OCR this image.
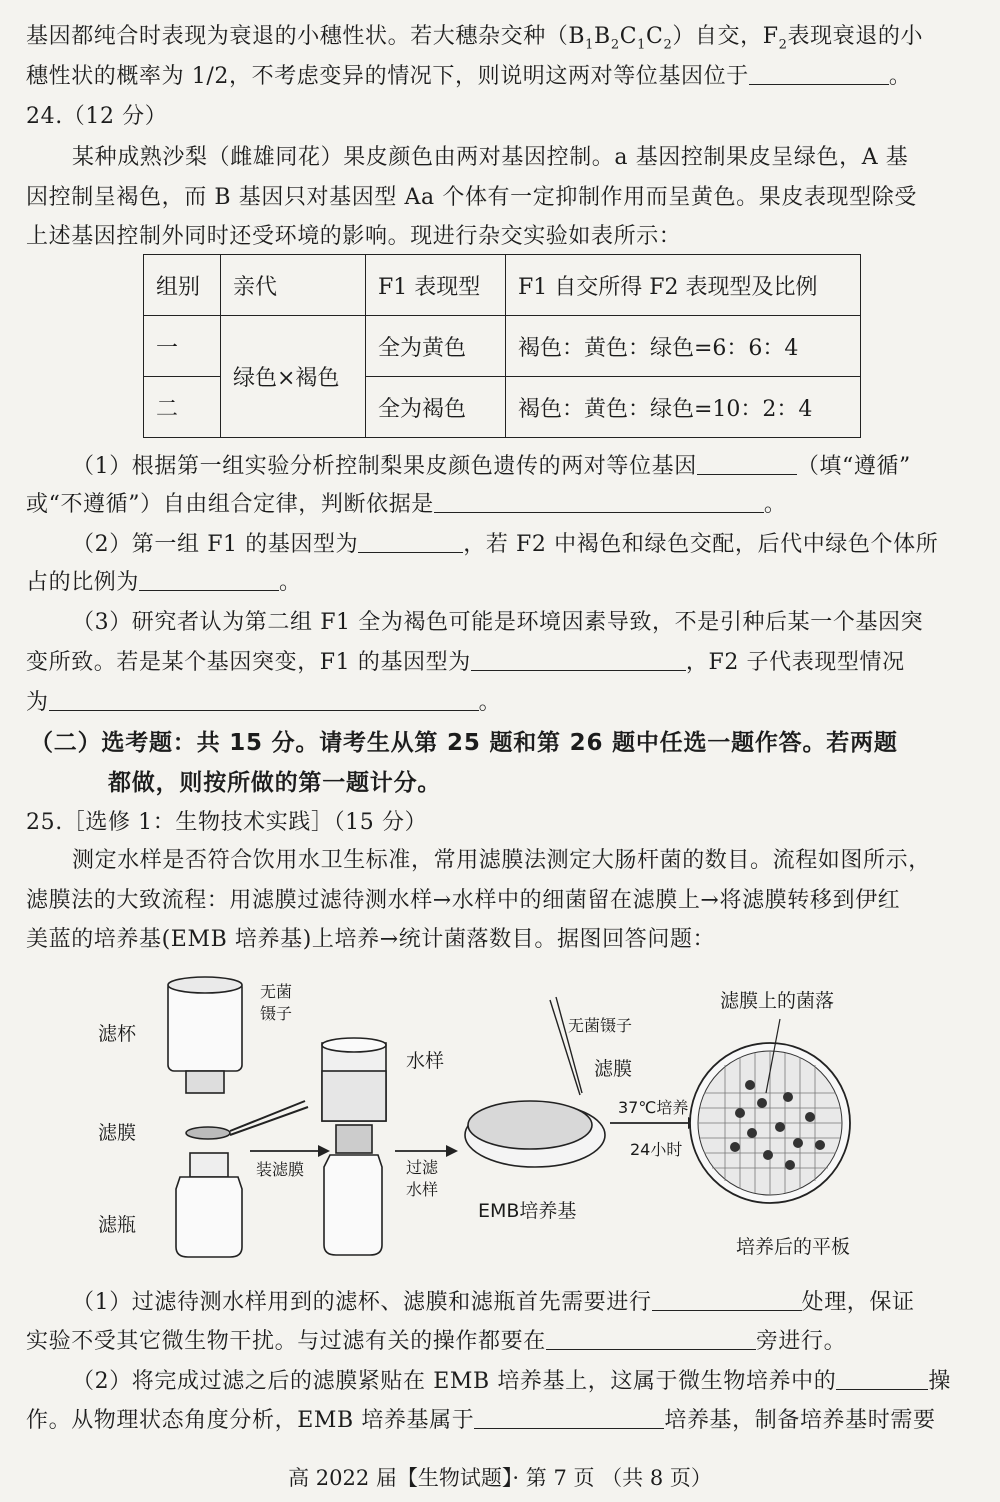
基因都纯合时表现为衰退的小穗性状。若大穗杂交种$(B_1B_2C_1C_2)$自交，$F_2$表现衰退的小
穗性状的概率为 1/2，不考虑变异的情况下，则说明这两对等位基因位于	。
24.（12 分）
某种成熟沙梨（雌雄同花）果皮颜色由两对基因控制。a 基因控制果皮呈绿色，A 基
因控制呈褐色，而 B 基因只对基因型 Aa 个体有一定抑制作用而呈黄色。果皮表现型除受
上述基因控制外同时还受环境的影响。现进行杂交实验如表所示：
组别	亲代	F1 表现型	F1 自交所得 F2 表现型及比例
一	绿色×褐色	全为黄色	褐色：黄色：绿色=6：6：4
二		全为褐色	褐色：黄色：绿色=10：2：4
（1）根据第一组实验分析控制梨果皮颜色遗传的两对等位基因	（填“遵循”
或“不遵循”）自由组合定律，判断依据是	。
（2）第一组 F1 的基因型为	，若 F2 中褐色和绿色交配，后代中绿色个体所
占的比例为	。
（3）研究者认为第二组 F1 全为褐色可能是环境因素导致，不是引种后某一个基因突
变所致。若是某个基因突变，F1 的基因型为	，F2 子代表现型情况
为	。
（二）选考题：共 15 分。请考生从第 25 题和第 26 题中任选一题作答。若两题
都做，则按所做的第一题计分。
25.［选修 1：生物技术实践］（15 分）
测定水样是否符合饮用水卫生标准，常用滤膜法测定大肠杆菌的数目。流程如图所示，
滤膜法的大致流程：用滤膜过滤待测水样→水样中的细菌留在滤膜上→将滤膜转移到伊红
美蓝的培养基(EMB 培养基)上培养→统计菌落数目。据图回答问题：
滤杯
滤膜
滤瓶
无菌
镊子
装滤膜
水样
过滤
水样
无菌镊子
滤膜
EMB培养基
37℃培养
24小时
滤膜上的菌落
培养后的平板
（1）过滤待测水样用到的滤杯、滤膜和滤瓶首先需要进行	处理，保证
实验不受其它微生物干扰。与过滤有关的操作都要在	旁进行。
（2）将完成过滤之后的滤膜紧贴在 EMB 培养基上，这属于微生物培养中的	操
作。从物理状态角度分析，EMB 培养基属于	培养基，制备培养基时需要
高 2022 届【生物试题】· 第 7 页 （共 8 页）
